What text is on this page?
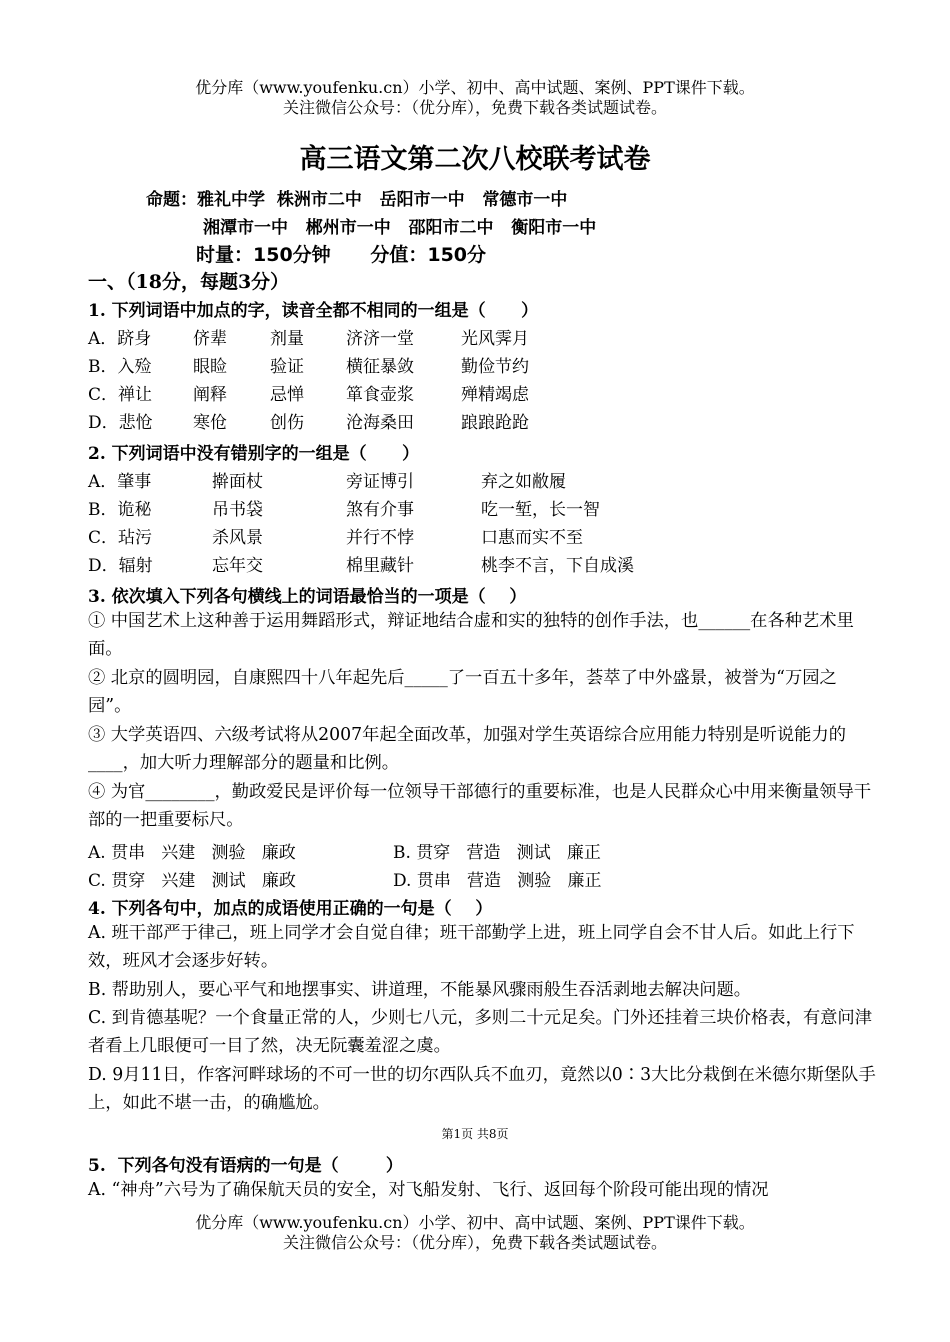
优分库（www.youfenku.cn）小学、初中、高中试题、案例、PPT课件下载。
关注微信公众号：（优分库），免费下载各类试题试卷。
高三语文第二次八校联考试卷
命题：雅礼中学  株洲市二中   岳阳市一中   常德市一中
湘潭市一中   郴州市一中   邵阳市二中   衡阳市一中
时量：150分钟      分值：150分
一、（18分，每题3分）
1. 下列词语中加点的字，读音全都不相同的一组是（      ）
A．跻身 侪辈	剂量 济济一堂	光风霁月
B．入殓 眼睑	验证 横征暴敛	勤俭节约
C．禅让 阐释	忌惮 箪食壶浆	殚精竭虑
D．悲怆 寒伧	创伤 沧海桑田	踉踉跄跄
2. 下列词语中没有错别字的一组是（      ）
A．肇事	擀面杖	旁证博引	弃之如敝履
B．诡秘	吊书袋	煞有介事	吃一堑，长一智
C．玷污	杀风景	并行不悖	口惠而实不至
D．辐射	忘年交	棉里藏针	桃李不言，下自成溪
3. 依次填入下列各句横线上的词语最恰当的一项是（    ）
① 中国艺术上这种善于运用舞蹈形式，辩证地结合虚和实的独特的创作手法，也______在各种艺术里面。
② 北京的圆明园，自康熙四十八年起先后_____了一百五十多年，荟萃了中外盛景，被誉为“万园之园”。
③ 大学英语四、六级考试将从2007年起全面改革，加强对学生英语综合应用能力特别是听说能力的____，加大听力理解部分的题量和比例。
④ 为官________，勤政爱民是评价每一位领导干部德行的重要标准，也是人民群众心中用来衡量领导干部的一把重要标尺。
A. 贯串   兴建   测验   廉政	B. 贯穿   营造   测试   廉正
C. 贯穿   兴建   测试   廉政	D. 贯串   营造   测验   廉正
4. 下列各句中，加点的成语使用正确的一句是（    ）
A. 班干部严于律己，班上同学才会自觉自律；班干部勤学上进，班上同学自会不甘人后。如此上行下效，班风才会逐步好转。
B. 帮助别人，要心平气和地摆事实、讲道理，不能暴风骤雨般生吞活剥地去解决问题。
C. 到肯德基呢？一个食量正常的人，少则七八元，多则二十元足矣。门外还挂着三块价格表，有意问津者看上几眼便可一目了然，决无阮囊羞涩之虞。
D. 9月11日，作客河畔球场的不可一世的切尔西队兵不血刃，竟然以0∶3大比分栽倒在米德尔斯堡队手上，如此不堪一击，的确尴尬。
第1页 共8页
5.  下列各句没有语病的一句是（        ）
A. “神舟”六号为了确保航天员的安全，对飞船发射、飞行、返回每个阶段可能出现的情况
优分库（www.youfenku.cn）小学、初中、高中试题、案例、PPT课件下载。
关注微信公众号：（优分库），免费下载各类试题试卷。
